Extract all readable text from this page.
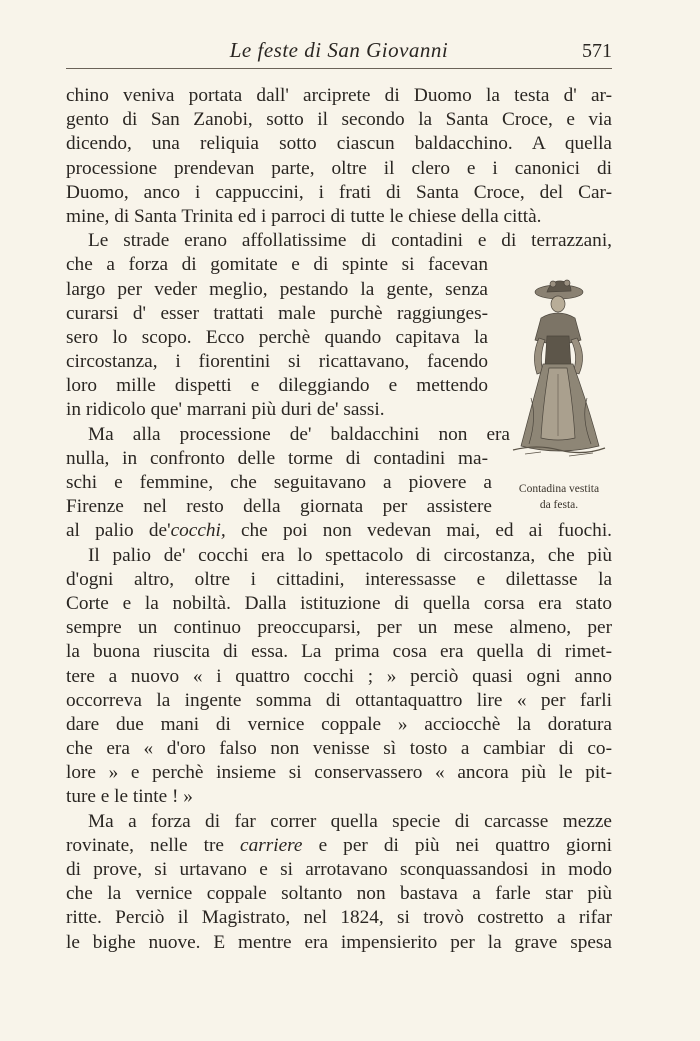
Le feste di San Giovanni	571
chino veniva portata dall' arciprete di Duomo la testa d' ar-
gento di San Zanobi, sotto il secondo la Santa Croce, e via
dicendo, una reliquia sotto ciascun baldacchino. A quella
processione prendevan parte, oltre il clero e i canonici di
Duomo, anco i cappuccini, i frati di Santa Croce, del Car-
mine, di Santa Trinita ed i parroci di tutte le chiese della città.
Le strade erano affollatissime di contadini e di terrazzani,
che a forza di gomitate e di spinte si facevan
largo per veder meglio, pestando la gente, senza
curarsi d' esser trattati male purchè raggiunges-
sero lo scopo. Ecco perchè quando capitava la
circostanza, i fiorentini si ricattavano, facendo
loro mille dispetti e dileggiando e mettendo
in ridicolo que' marrani più duri de' sassi.
Ma alla processione de' baldacchini non era
nulla, in confronto delle torme di contadini ma-
schi e femmine, che seguitavano a piovere a
Firenze nel resto della giornata per assistere
al palio de'cocchi, che poi non vedevan mai, ed ai fuochi.
Il palio de' cocchi era lo spettacolo di circostanza, che più
d'ogni altro, oltre i cittadini, interessasse e dilettasse la
Corte e la nobiltà. Dalla istituzione di quella corsa era stato
sempre un continuo preoccuparsi, per un mese almeno, per
la buona riuscita di essa. La prima cosa era quella di rimet-
tere a nuovo « i quattro cocchi ; » perciò quasi ogni anno
occorreva la ingente somma di ottantaquattro lire « per farli
dare due mani di vernice coppale » acciocchè la doratura
che era « d'oro falso non venisse sì tosto a cambiar di co-
lore » e perchè insieme si conservassero « ancora più le pit-
ture e le tinte ! »
Ma a forza di far correr quella specie di carcasse mezze
rovinate, nelle tre carriere e per di più nei quattro giorni
di prove, si urtavano e si arrotavano sconquassandosi in modo
che la vernice coppale soltanto non bastava a farle star più
ritte. Perciò il Magistrato, nel 1824, si trovò costretto a rifar
le bighe nuove. E mentre era impensierito per la grave spesa
Contadina vestita
da festa.
